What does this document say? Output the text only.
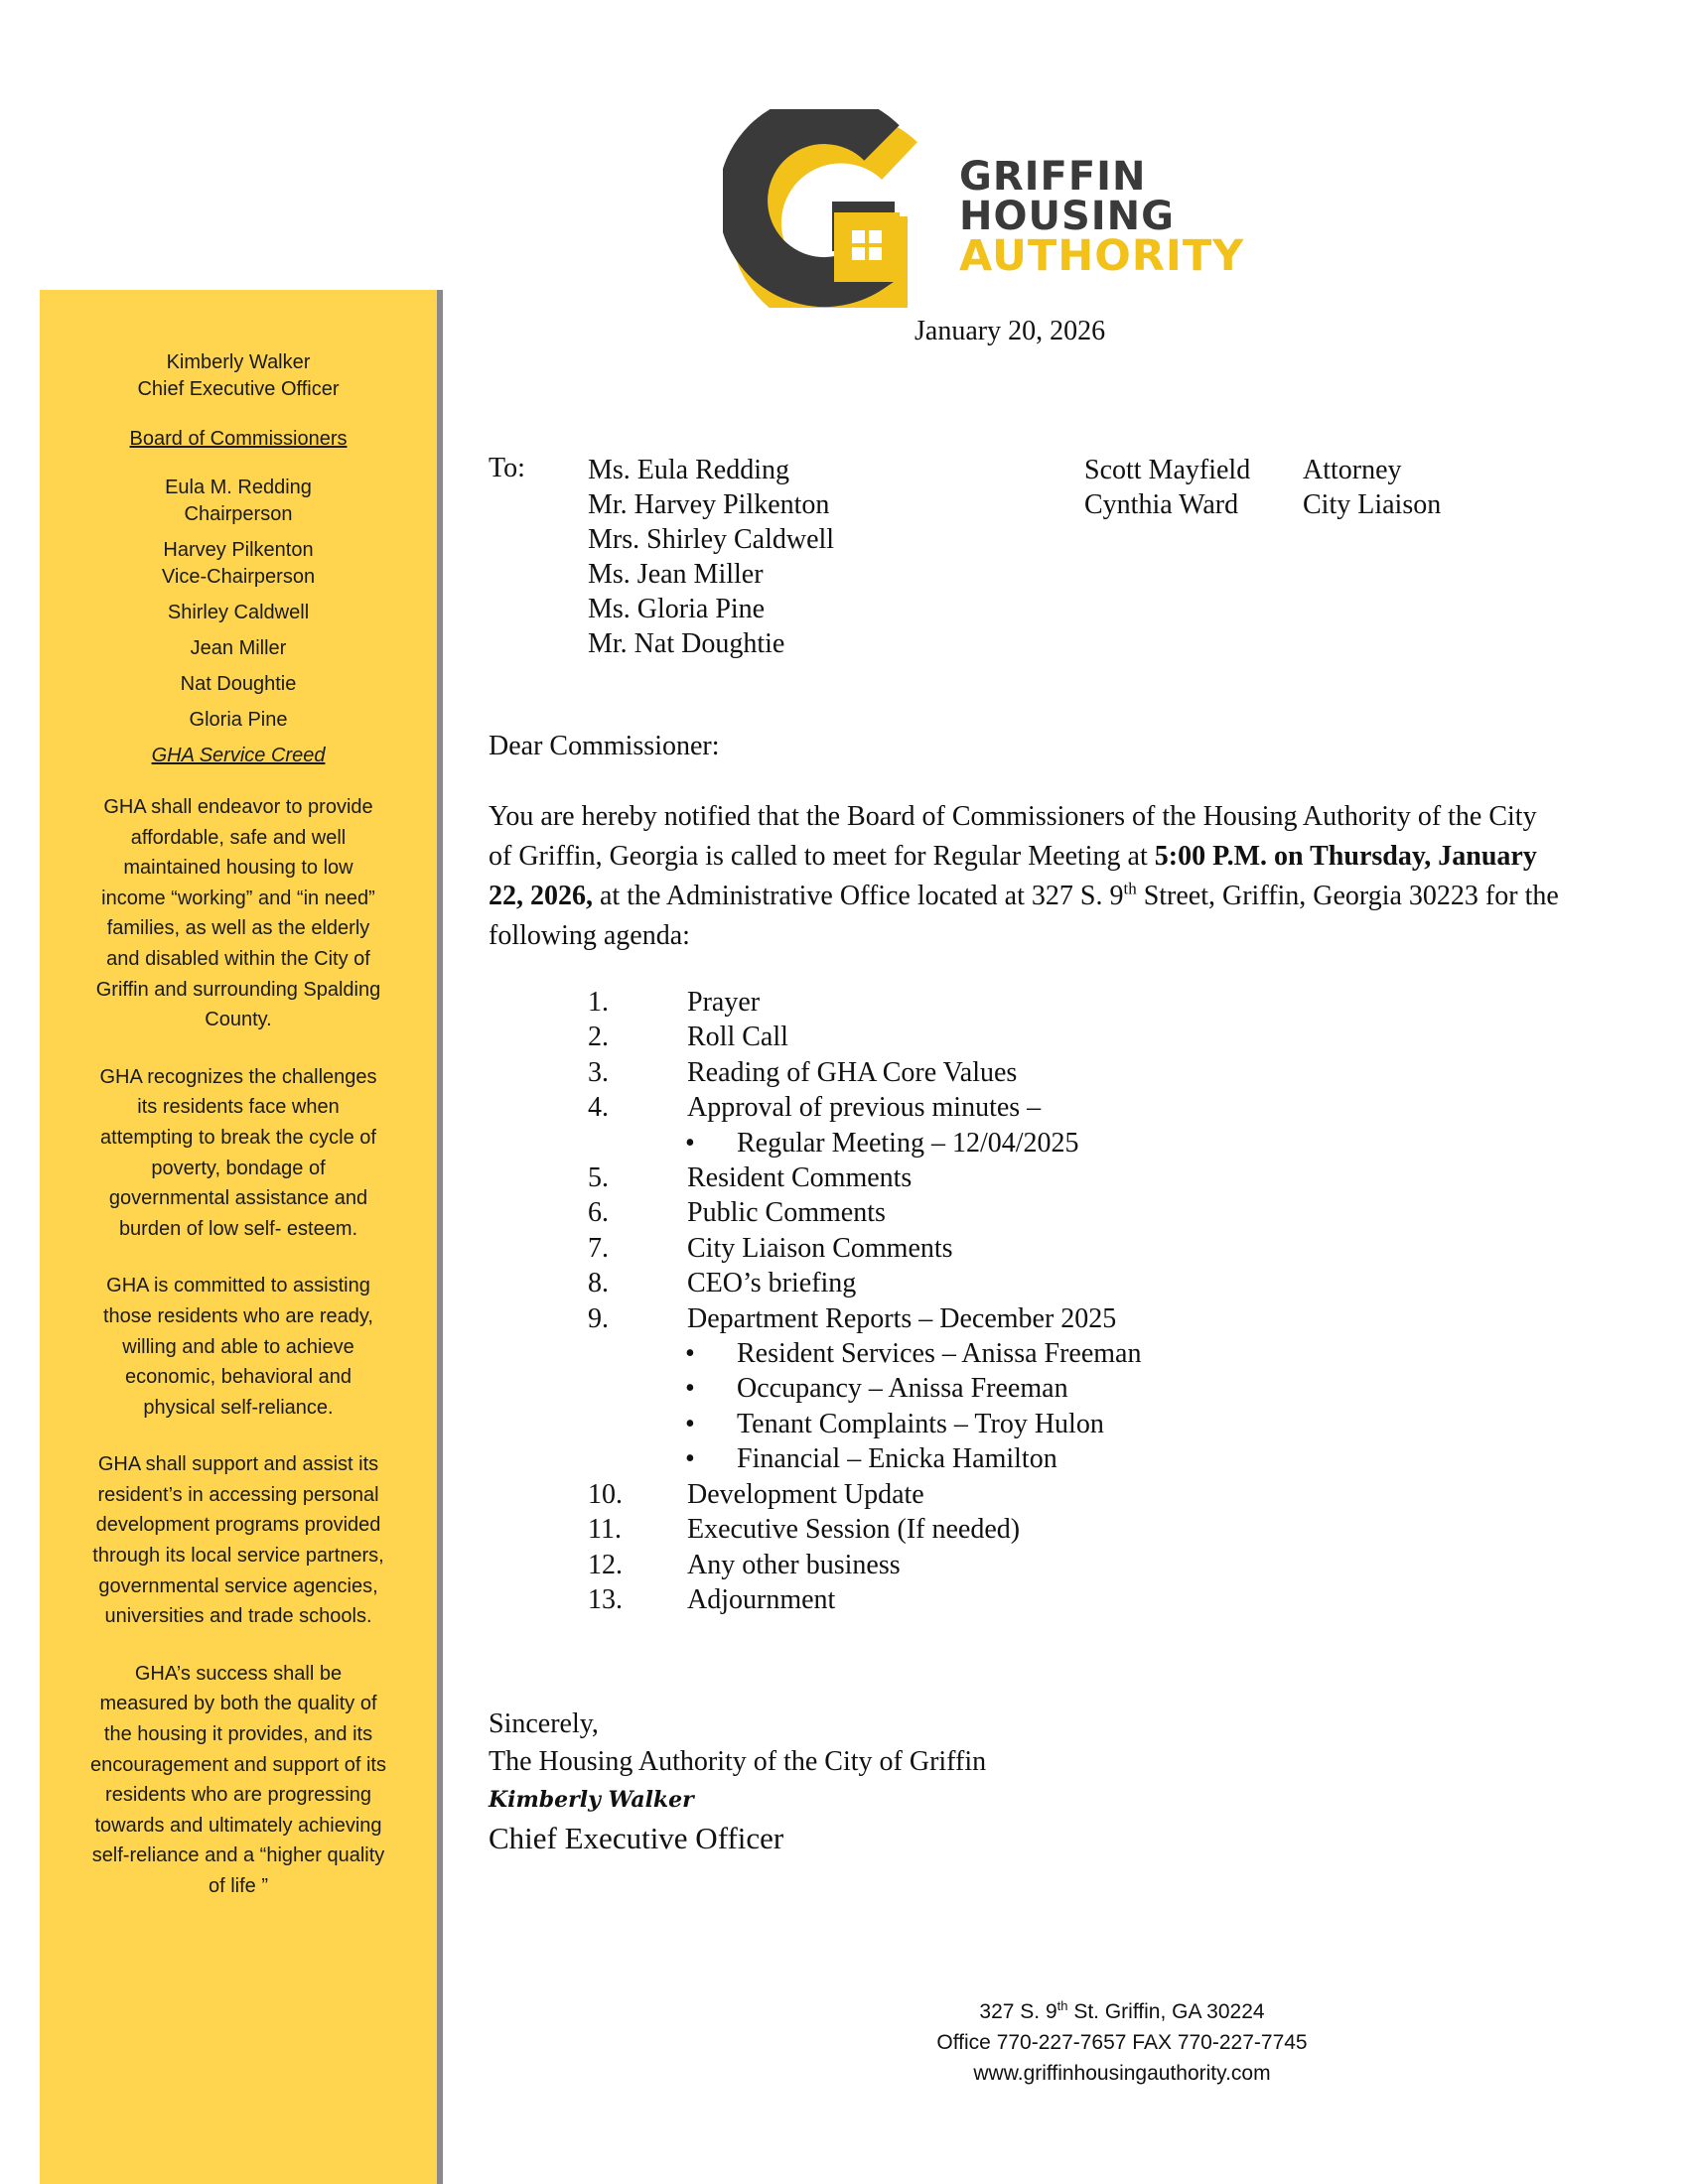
GRIFFIN
HOUSING
AUTHORITY
Kimberly Walker
Chief Executive Officer
Board of Commissioners
Eula M. Redding
Chairperson
Harvey Pilkenton
Vice-Chairperson
Shirley Caldwell
Jean Miller
Nat Doughtie
Gloria Pine
GHA Service Creed
GHA shall endeavor to provide affordable, safe and well maintained housing to low income “working” and “in need” families, as well as the elderly and disabled within the City of Griffin and surrounding Spalding County.
GHA recognizes the challenges its residents face when attempting to break the cycle of poverty, bondage of governmental assistance and burden of low self- esteem.
GHA is committed to assisting those residents who are ready, willing and able to achieve economic, behavioral and physical self-reliance.
GHA shall support and assist its resident’s in accessing personal development programs provided through its local service partners, governmental service agencies, universities and trade schools.
GHA’s success shall be measured by both the quality of the housing it provides, and its encouragement and support of its residents who are progressing towards and ultimately achieving self-reliance and a “higher quality of life ”
January 20, 2026
To: Ms. Eula Redding
Mr. Harvey Pilkenton
Mrs. Shirley Caldwell
Ms. Jean Miller
Ms. Gloria Pine
Mr. Nat Doughtie
Scott Mayfield Attorney
Cynthia Ward City Liaison
Dear Commissioner:
You are hereby notified that the Board of Commissioners of the Housing Authority of the City of Griffin, Georgia is called to meet for Regular Meeting at 5:00 P.M. on Thursday, January 22, 2026, at the Administrative Office located at 327 S. 9th Street, Griffin, Georgia 30223 for the following agenda:
1.	Prayer
2.	Roll Call
3.	Reading of GHA Core Values
4.	Approval of previous minutes –
•	Regular Meeting – 12/04/2025
5.	Resident Comments
6.	Public Comments
7.	City Liaison Comments
8.	CEO’s briefing
9.	Department Reports – December 2025
•	Resident Services – Anissa Freeman
•	Occupancy – Anissa Freeman
•	Tenant Complaints – Troy Hulon
•	Financial – Enicka Hamilton
10.	Development Update
11.	Executive Session (If needed)
12.	Any other business
13.	Adjournment
Sincerely,
The Housing Authority of the City of Griffin
Kimberly Walker
Chief Executive Officer
327 S. 9th St. Griffin, GA 30224
Office 770-227-7657 FAX 770-227-7745
www.griffinhousingauthority.com
